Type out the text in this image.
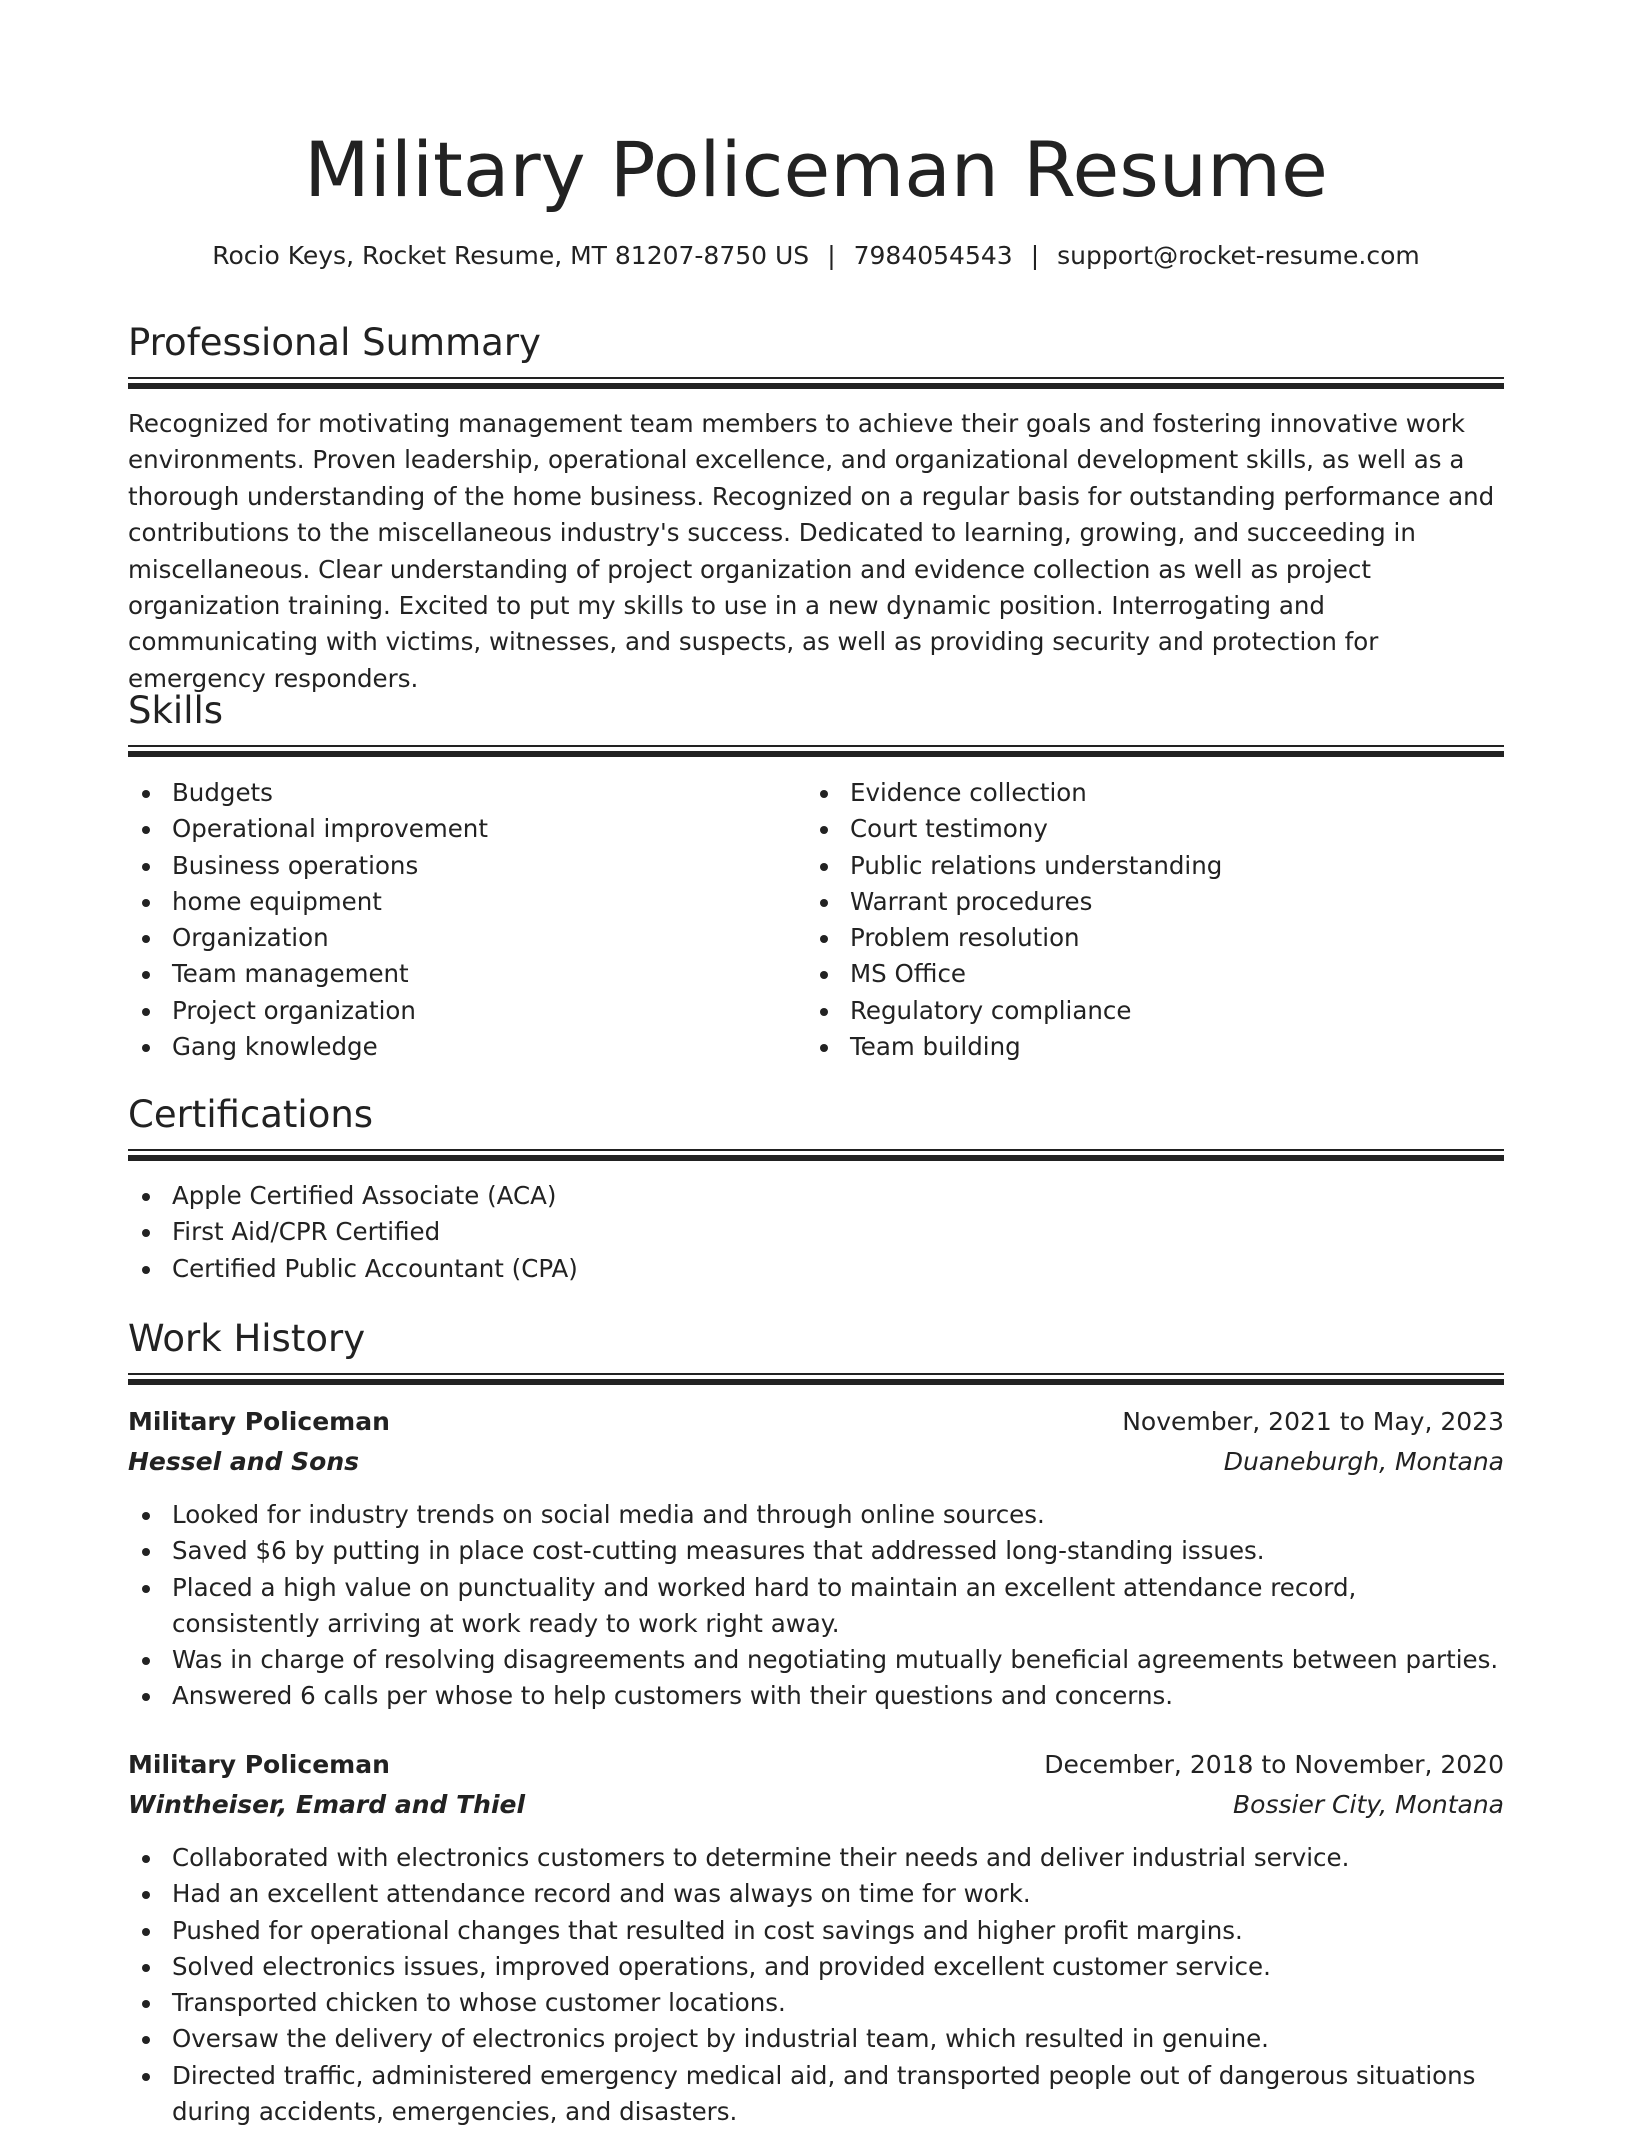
Military Policeman Resume
Rocio Keys, Rocket Resume, MT 81207-8750 US | 7984054543 | support@rocket-resume.com
Professional Summary

Recognized for motivating management team members to achieve their goals and fostering innovative work environments. Proven leadership, operational excellence, and organizational development skills, as well as a thorough understanding of the home business. Recognized on a regular basis for outstanding performance and contributions to the miscellaneous industry's success. Dedicated to learning, growing, and succeeding in miscellaneous. Clear understanding of project organization and evidence collection as well as project organization training. Excited to put my skills to use in a new dynamic position. Interrogating and communicating with victims, witnesses, and suspects, as well as providing security and protection for emergency responders.

Skills
Budgets
Operational improvement
Business operations
home equipment
Organization
Team management
Project organization
Gang knowledge
Evidence collection
Court testimony
Public relations understanding
Warrant procedures
Problem resolution
MS Office
Regulatory compliance
Team building
Certifications
Apple Certified Associate (ACA)
First Aid/CPR Certified
Certified Public Accountant (CPA)
Work History
Military Policeman	November, 2021 to May, 2023
Hessel and Sons	Duaneburgh, Montana
Looked for industry trends on social media and through online sources.
Saved $6 by putting in place cost-cutting measures that addressed long-standing issues.
Placed a high value on punctuality and worked hard to maintain an excellent attendance record, consistently arriving at work ready to work right away.
Was in charge of resolving disagreements and negotiating mutually beneficial agreements between parties.
Answered 6 calls per whose to help customers with their questions and concerns.
Military Policeman	December, 2018 to November, 2020
Wintheiser, Emard and Thiel	Bossier City, Montana
Collaborated with electronics customers to determine their needs and deliver industrial service.
Had an excellent attendance record and was always on time for work.
Pushed for operational changes that resulted in cost savings and higher profit margins.
Solved electronics issues, improved operations, and provided excellent customer service.
Transported chicken to whose customer locations.
Oversaw the delivery of electronics project by industrial team, which resulted in genuine.
Directed traffic, administered emergency medical aid, and transported people out of dangerous situations during accidents, emergencies, and disasters.
